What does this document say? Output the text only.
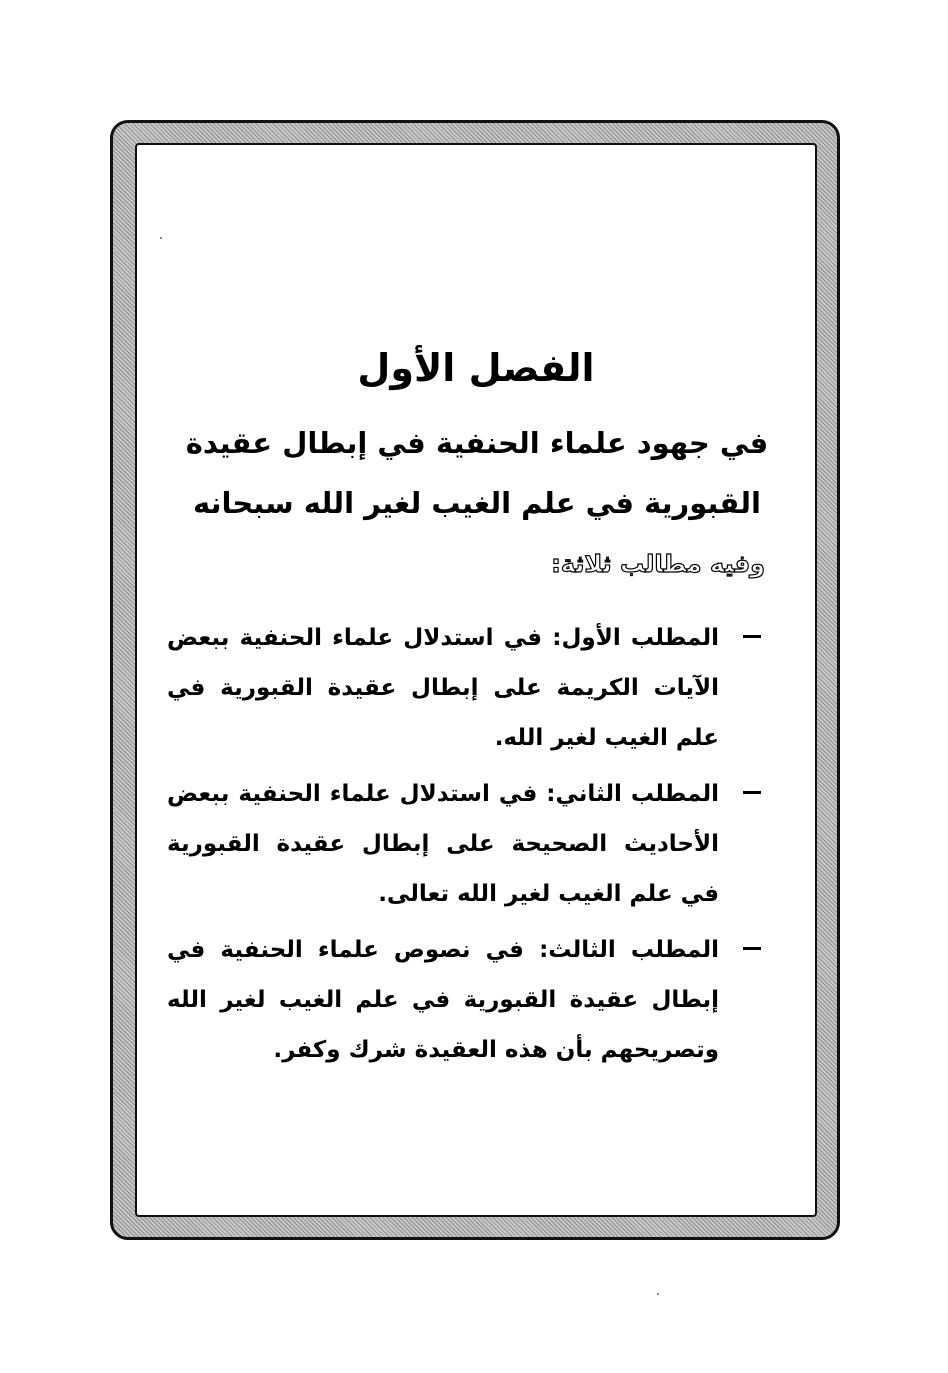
الفصل الأول
في جهود علماء الحنفية في إبطال عقيدة القبورية في علم الغيب لغير الله سبحانه
وفيه مطالب ثلاثة:
المطلب الأول: في استدلال علماء الحنفية ببعض الآيات الكريمة على إبطال عقيدة القبورية في علم الغيب لغير الله.
المطلب الثاني: في استدلال علماء الحنفية ببعض الأحاديث الصحيحة على إبطال عقيدة القبورية في علم الغيب لغير الله تعالى.
المطلب الثالث: في نصوص علماء الحنفية في إبطال عقيدة القبورية في علم الغيب لغير الله وتصريحهم بأن هذه العقيدة شرك وكفر.
